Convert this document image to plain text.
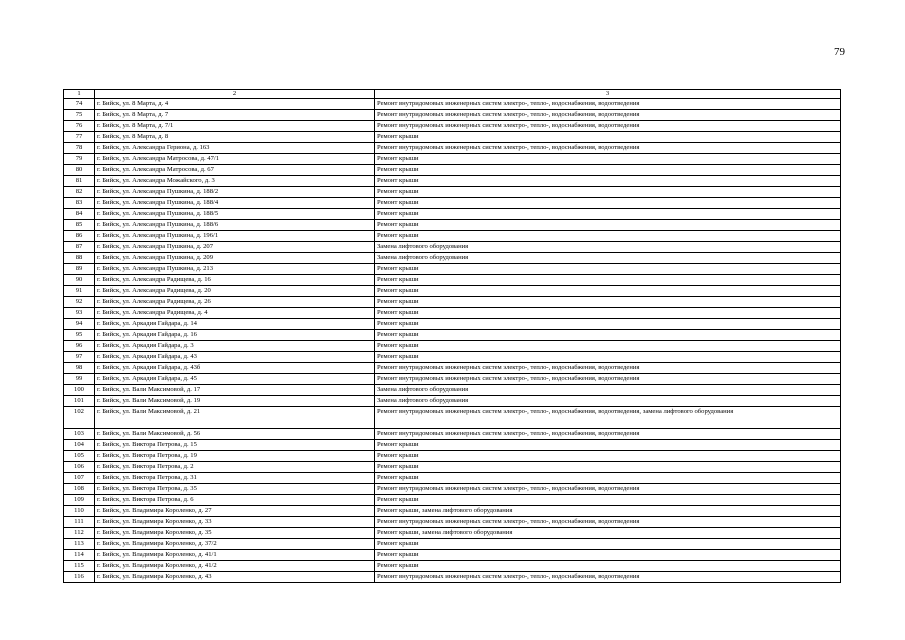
79
1	2	3
74	г. Бийск, ул. 8 Марта, д. 4	Ремонт внутридомовых инженерных систем электро-, тепло-, водоснабжения, водоотведения
75	г. Бийск, ул. 8 Марта, д. 7	Ремонт внутридомовых инженерных систем электро-, тепло-, водоснабжения, водоотведения
76	г. Бийск, ул. 8 Марта, д. 7/1	Ремонт внутридомовых инженерных систем электро-, тепло-, водоснабжения, водоотведения
77	г. Бийск, ул. 8 Марта, д. 8	Ремонт крыши
78	г. Бийск, ул. Александра Гериона, д. 163	Ремонт внутридомовых инженерных систем электро-, тепло-, водоснабжения, водоотведения
79	г. Бийск, ул. Александра Матросова, д. 47/1	Ремонт крыши
80	г. Бийск, ул. Александра Матросова, д. 67	Ремонт крыши
81	г. Бийск, ул. Александра Можайского, д. 3	Ремонт крыши
82	г. Бийск, ул. Александра Пушкина, д. 188/2	Ремонт крыши
83	г. Бийск, ул. Александра Пушкина, д. 188/4	Ремонт крыши
84	г. Бийск, ул. Александра Пушкина, д. 188/5	Ремонт крыши
85	г. Бийск, ул. Александра Пушкина, д. 188/6	Ремонт крыши
86	г. Бийск, ул. Александра Пушкина, д. 196/1	Ремонт крыши
87	г. Бийск, ул. Александра Пушкина, д. 207	Замена лифтового оборудования
88	г. Бийск, ул. Александра Пушкина, д. 209	Замена лифтового оборудования
89	г. Бийск, ул. Александра Пушкина, д. 213	Ремонт крыши
90	г. Бийск, ул. Александра Радищева, д. 16	Ремонт крыши
91	г. Бийск, ул. Александра Радищева, д. 20	Ремонт крыши
92	г. Бийск, ул. Александра Радищева, д. 26	Ремонт крыши
93	г. Бийск, ул. Александра Радищева, д. 4	Ремонт крыши
94	г. Бийск, ул. Аркадия Гайдара, д. 14	Ремонт крыши
95	г. Бийск, ул. Аркадия Гайдара, д. 16	Ремонт крыши
96	г. Бийск, ул. Аркадия Гайдара, д. 3	Ремонт крыши
97	г. Бийск, ул. Аркадия Гайдара, д. 43	Ремонт крыши
98	г. Бийск, ул. Аркадия Гайдара, д. 43б	Ремонт внутридомовых инженерных систем электро-, тепло-, водоснабжения, водоотведения
99	г. Бийск, ул. Аркадия Гайдара, д. 45	Ремонт внутридомовых инженерных систем электро-, тепло-, водоснабжения, водоотведения
100	г. Бийск, ул. Вали Максимовой, д. 17	Замена лифтового оборудования
101	г. Бийск, ул. Вали Максимовой, д. 19	Замена лифтового оборудования
102	г. Бийск, ул. Вали Максимовой, д. 21	Ремонт внутридомовых инженерных систем электро-, тепло-, водоснабжения, водоотведения, замена лифтового оборудования
103	г. Бийск, ул. Вали Максимовой, д. 56	Ремонт внутридомовых инженерных систем электро-, тепло-, водоснабжения, водоотведения
104	г. Бийск, ул. Виктора Петрова, д. 15	Ремонт крыши
105	г. Бийск, ул. Виктора Петрова, д. 19	Ремонт крыши
106	г. Бийск, ул. Виктора Петрова, д. 2	Ремонт крыши
107	г. Бийск, ул. Виктора Петрова, д. 31	Ремонт крыши
108	г. Бийск, ул. Виктора Петрова, д. 35	Ремонт внутридомовых инженерных систем электро-, тепло-, водоснабжения, водоотведения
109	г. Бийск, ул. Виктора Петрова, д. 6	Ремонт крыши
110	г. Бийск, ул. Владимира Короленко, д. 27	Ремонт крыши, замена лифтового оборудования
111	г. Бийск, ул. Владимира Короленко, д. 33	Ремонт внутридомовых инженерных систем электро-, тепло-, водоснабжения, водоотведения
112	г. Бийск, ул. Владимира Короленко, д. 35	Ремонт крыши, замена лифтового оборудования
113	г. Бийск, ул. Владимира Короленко, д. 37/2	Ремонт крыши
114	г. Бийск, ул. Владимира Короленко, д. 41/1	Ремонт крыши
115	г. Бийск, ул. Владимира Короленко, д. 41/2	Ремонт крыши
116	г. Бийск, ул. Владимира Короленко, д. 43	Ремонт внутридомовых инженерных систем электро-, тепло-, водоснабжения, водоотведения
